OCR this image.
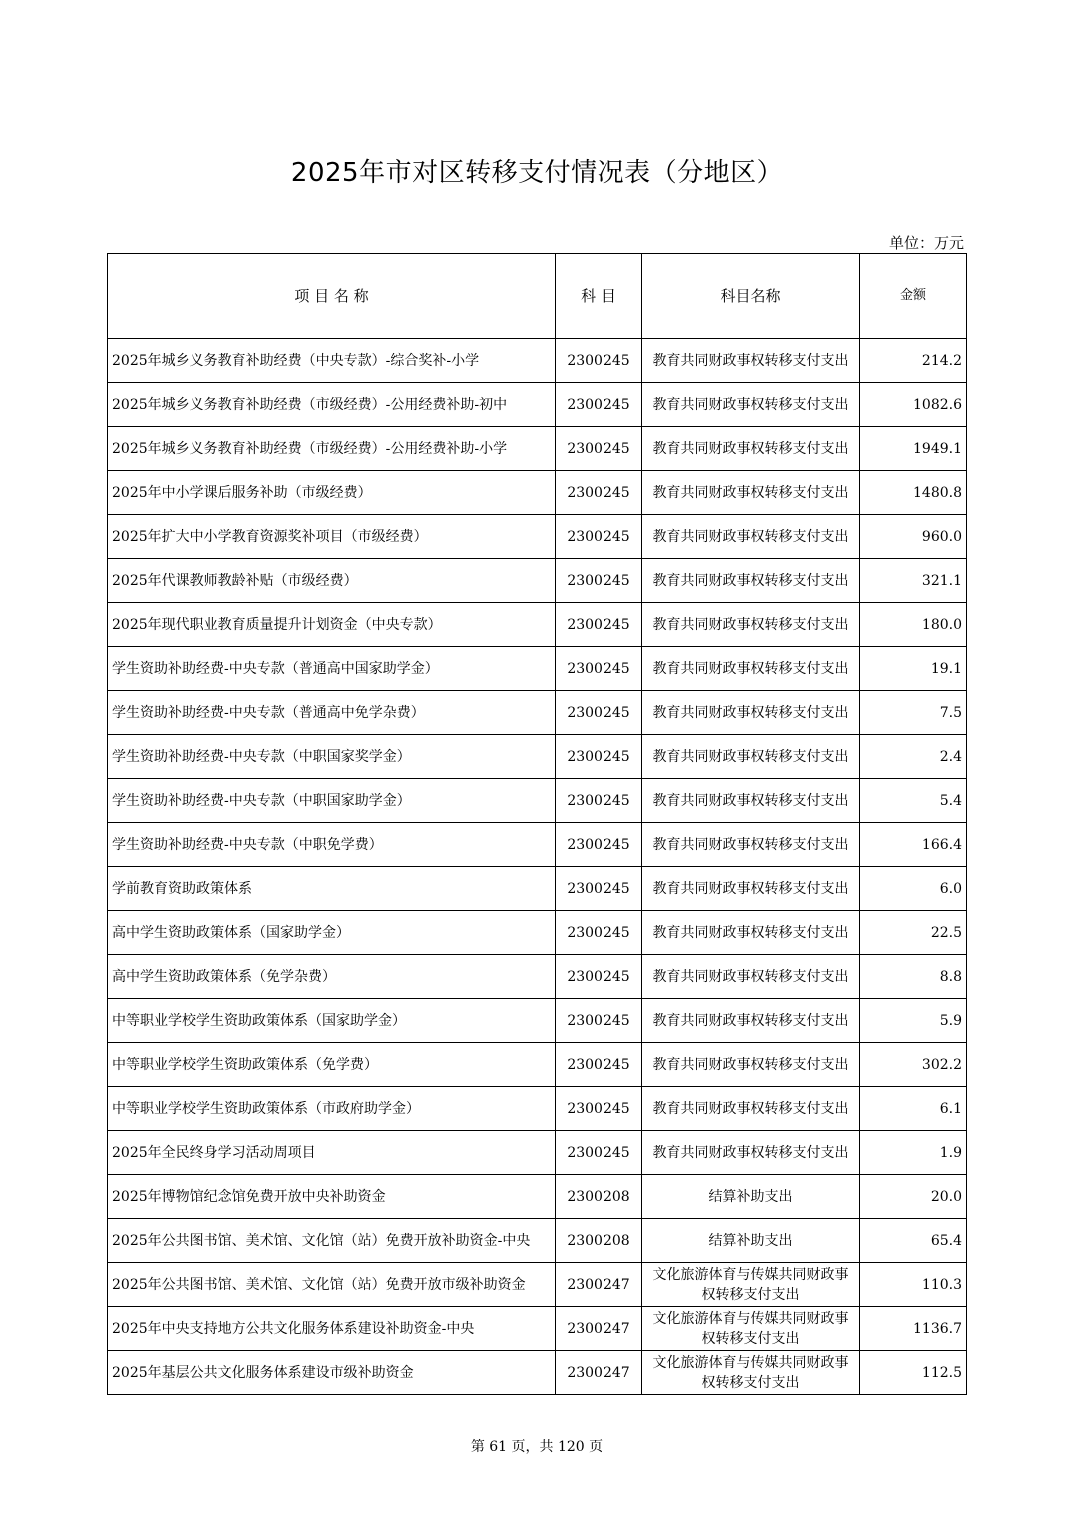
2025年市对区转移支付情况表（分地区）
单位：万元
项 目 名 称	科 目	科目名称	金额
2025年城乡义务教育补助经费（中央专款）-综合奖补-小学	2300245	教育共同财政事权转移支付支出	214.2
2025年城乡义务教育补助经费（市级经费）-公用经费补助-初中	2300245	教育共同财政事权转移支付支出	1082.6
2025年城乡义务教育补助经费（市级经费）-公用经费补助-小学	2300245	教育共同财政事权转移支付支出	1949.1
2025年中小学课后服务补助（市级经费）	2300245	教育共同财政事权转移支付支出	1480.8
2025年扩大中小学教育资源奖补项目（市级经费）	2300245	教育共同财政事权转移支付支出	960.0
2025年代课教师教龄补贴（市级经费）	2300245	教育共同财政事权转移支付支出	321.1
2025年现代职业教育质量提升计划资金（中央专款）	2300245	教育共同财政事权转移支付支出	180.0
学生资助补助经费-中央专款（普通高中国家助学金）	2300245	教育共同财政事权转移支付支出	19.1
学生资助补助经费-中央专款（普通高中免学杂费）	2300245	教育共同财政事权转移支付支出	7.5
学生资助补助经费-中央专款（中职国家奖学金）	2300245	教育共同财政事权转移支付支出	2.4
学生资助补助经费-中央专款（中职国家助学金）	2300245	教育共同财政事权转移支付支出	5.4
学生资助补助经费-中央专款（中职免学费）	2300245	教育共同财政事权转移支付支出	166.4
学前教育资助政策体系	2300245	教育共同财政事权转移支付支出	6.0
高中学生资助政策体系（国家助学金）	2300245	教育共同财政事权转移支付支出	22.5
高中学生资助政策体系（免学杂费）	2300245	教育共同财政事权转移支付支出	8.8
中等职业学校学生资助政策体系（国家助学金）	2300245	教育共同财政事权转移支付支出	5.9
中等职业学校学生资助政策体系（免学费）	2300245	教育共同财政事权转移支付支出	302.2
中等职业学校学生资助政策体系（市政府助学金）	2300245	教育共同财政事权转移支付支出	6.1
2025年全民终身学习活动周项目	2300245	教育共同财政事权转移支付支出	1.9
2025年博物馆纪念馆免费开放中央补助资金	2300208	结算补助支出	20.0
2025年公共图书馆、美术馆、文化馆（站）免费开放补助资金-中央	2300208	结算补助支出	65.4
2025年公共图书馆、美术馆、文化馆（站）免费开放市级补助资金	2300247	文化旅游体育与传媒共同财政事权转移支付支出	110.3
2025年中央支持地方公共文化服务体系建设补助资金-中央	2300247	文化旅游体育与传媒共同财政事权转移支付支出	1136.7
2025年基层公共文化服务体系建设市级补助资金	2300247	文化旅游体育与传媒共同财政事权转移支付支出	112.5
第 61 页，共 120 页
